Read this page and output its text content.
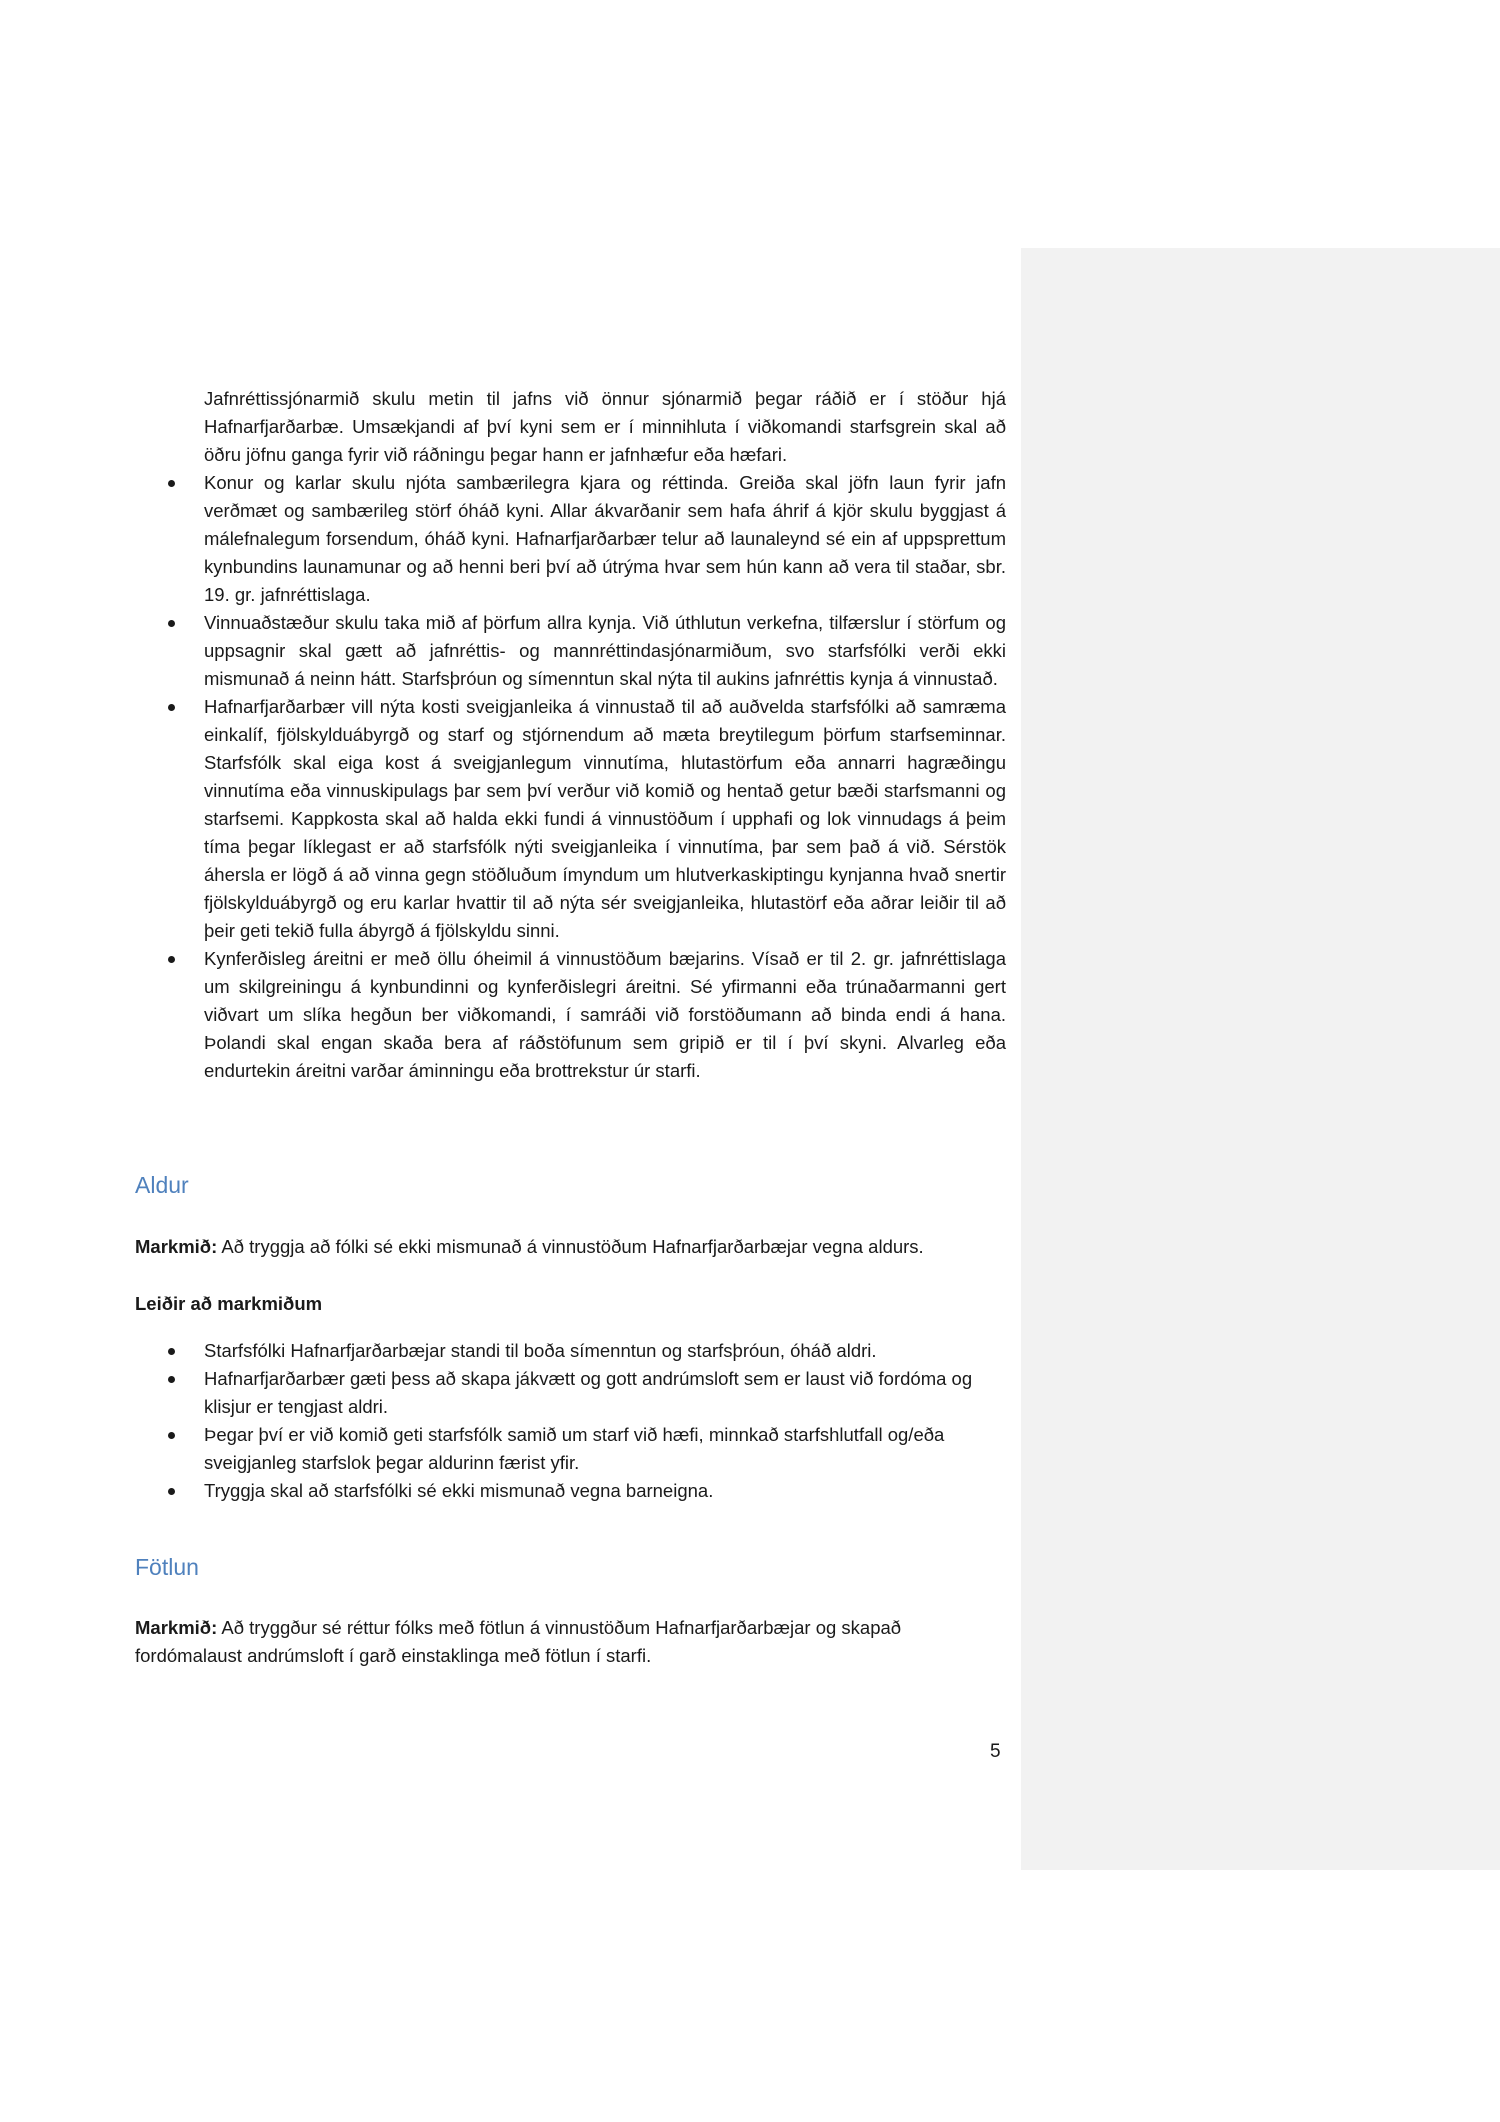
Jafnréttissjónarmið skulu metin til jafns við önnur sjónarmið þegar ráðið er í stöður hjá Hafnarfjarðarbæ. Umsækjandi af því kyni sem er í minnihluta í viðkomandi starfsgrein skal að öðru jöfnu ganga fyrir við ráðningu þegar hann er jafnhæfur eða hæfari.

Konur og karlar skulu njóta sambærilegra kjara og réttinda. Greiða skal jöfn laun fyrir jafn verðmæt og sambærileg störf óháð kyni. Allar ákvarðanir sem hafa áhrif á kjör skulu byggjast á málefnalegum forsendum, óháð kyni. Hafnarfjarðarbær telur að launaleynd sé ein af uppsprettum kynbundins launamunar og að henni beri því að útrýma hvar sem hún kann að vera til staðar, sbr. 19. gr. jafnréttislaga.
Vinnuaðstæður skulu taka mið af þörfum allra kynja. Við úthlutun verkefna, tilfærslur í störfum og uppsagnir skal gætt að jafnréttis- og mannréttindasjónarmiðum, svo starfsfólki verði ekki mismunað á neinn hátt. Starfsþróun og símenntun skal nýta til aukins jafnréttis kynja á vinnustað.
Hafnarfjarðarbær vill nýta kosti sveigjanleika á vinnustað til að auðvelda starfsfólki að samræma einkalíf, fjölskylduábyrgð og starf og stjórnendum að mæta breytilegum þörfum starfseminnar. Starfsfólk skal eiga kost á sveigjanlegum vinnutíma, hlutastörfum eða annarri hagræðingu vinnutíma eða vinnuskipulags þar sem því verður við komið og hentað getur bæði starfsmanni og starfsemi. Kappkosta skal að halda ekki fundi á vinnustöðum í upphafi og lok vinnudags á þeim tíma þegar líklegast er að starfsfólk nýti sveigjanleika í vinnutíma, þar sem það á við. Sérstök áhersla er lögð á að vinna gegn stöðluðum ímyndum um hlutverkaskiptingu kynjanna hvað snertir fjölskylduábyrgð og eru karlar hvattir til að nýta sér sveigjanleika, hlutastörf eða aðrar leiðir til að þeir geti tekið fulla ábyrgð á fjölskyldu sinni.
Kynferðisleg áreitni er með öllu óheimil á vinnustöðum bæjarins. Vísað er til 2. gr. jafnréttislaga um skilgreiningu á kynbundinni og kynferðislegri áreitni. Sé yfirmanni eða trúnaðarmanni gert viðvart um slíka hegðun ber viðkomandi, í samráði við forstöðumann að binda endi á hana. Þolandi skal engan skaða bera af ráðstöfunum sem gripið er til í því skyni. Alvarleg eða endurtekin áreitni varðar áminningu eða brottrekstur úr starfi.
Aldur

Markmið: Að tryggja að fólki sé ekki mismunað á vinnustöðum Hafnarfjarðarbæjar vegna aldurs.

Leiðir að markmiðum

Starfsfólki Hafnarfjarðarbæjar standi til boða símenntun og starfsþróun, óháð aldri.
Hafnarfjarðarbær gæti þess að skapa jákvætt og gott andrúmsloft sem er laust við fordóma og klisjur er tengjast aldri.
Þegar því er við komið geti starfsfólk samið um starf við hæfi, minnkað starfshlutfall og/eða sveigjanleg starfslok þegar aldurinn færist yfir.
Tryggja skal að starfsfólki sé ekki mismunað vegna barneigna.
Fötlun

Markmið: Að tryggður sé réttur fólks með fötlun á vinnustöðum Hafnarfjarðarbæjar og skapað fordómalaust andrúmsloft í garð einstaklinga með fötlun í starfi.

5
